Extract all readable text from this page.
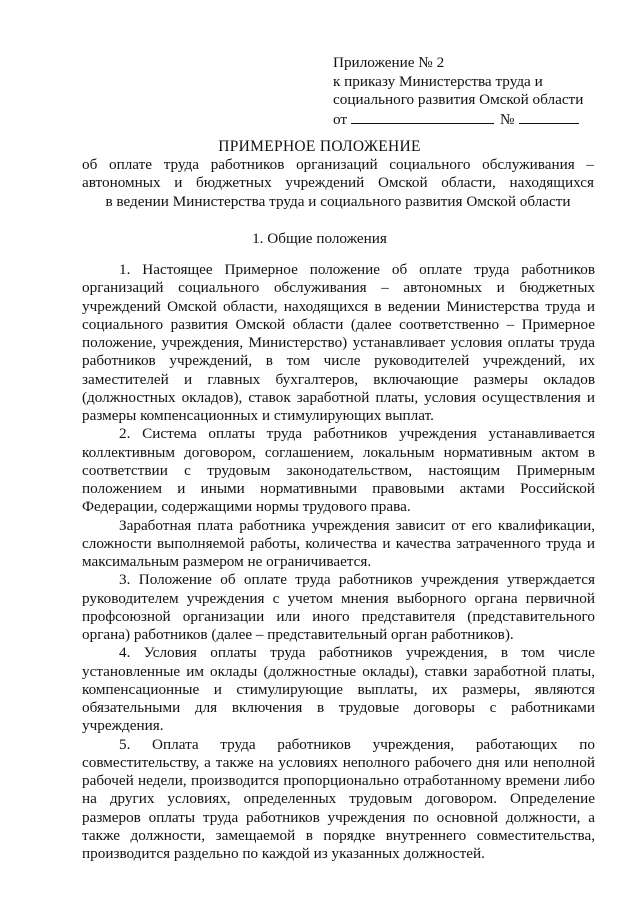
Приложение № 2
к приказу Министерства труда и
социального развития Омской области
от	№
ПРИМЕРНОЕ ПОЛОЖЕНИЕ
об оплате труда работников организаций социального обслуживания –
автономных и бюджетных учреждений Омской области, находящихся
в ведении Министерства труда и социального развития Омской области
1. Общие положения
1. Настоящее Примерное положение об оплате труда работников
организаций социального обслуживания – автономных и бюджетных
учреждений Омской области, находящихся в ведении Министерства труда и
социального развития Омской области (далее соответственно – Примерное
положение, учреждения, Министерство) устанавливает условия оплаты труда
работников учреждений, в том числе руководителей учреждений, их
заместителей и главных бухгалтеров, включающие размеры окладов
(должностных окладов), ставок заработной платы, условия осуществления и
размеры компенсационных и стимулирующих выплат.
2. Система оплаты труда работников учреждения устанавливается
коллективным договором, соглашением, локальным нормативным актом в
соответствии с трудовым законодательством, настоящим Примерным
положением и иными нормативными правовыми актами Российской
Федерации, содержащими нормы трудового права.
Заработная плата работника учреждения зависит от его квалификации,
сложности выполняемой работы, количества и качества затраченного труда и
максимальным размером не ограничивается.
3. Положение об оплате труда работников учреждения утверждается
руководителем учреждения с учетом мнения выборного органа первичной
профсоюзной организации или иного представителя (представительного
органа) работников (далее – представительный орган работников).
4. Условия оплаты труда работников учреждения, в том числе
установленные им оклады (должностные оклады), ставки заработной платы,
компенсационные и стимулирующие выплаты, их размеры, являются
обязательными для включения в трудовые договоры с работниками
учреждения.
5. Оплата труда работников учреждения, работающих по
совместительству, а также на условиях неполного рабочего дня или неполной
рабочей недели, производится пропорционально отработанному времени либо
на других условиях, определенных трудовым договором. Определение
размеров оплаты труда работников учреждения по основной должности, а
также должности, замещаемой в порядке внутреннего совместительства,
производится раздельно по каждой из указанных должностей.
